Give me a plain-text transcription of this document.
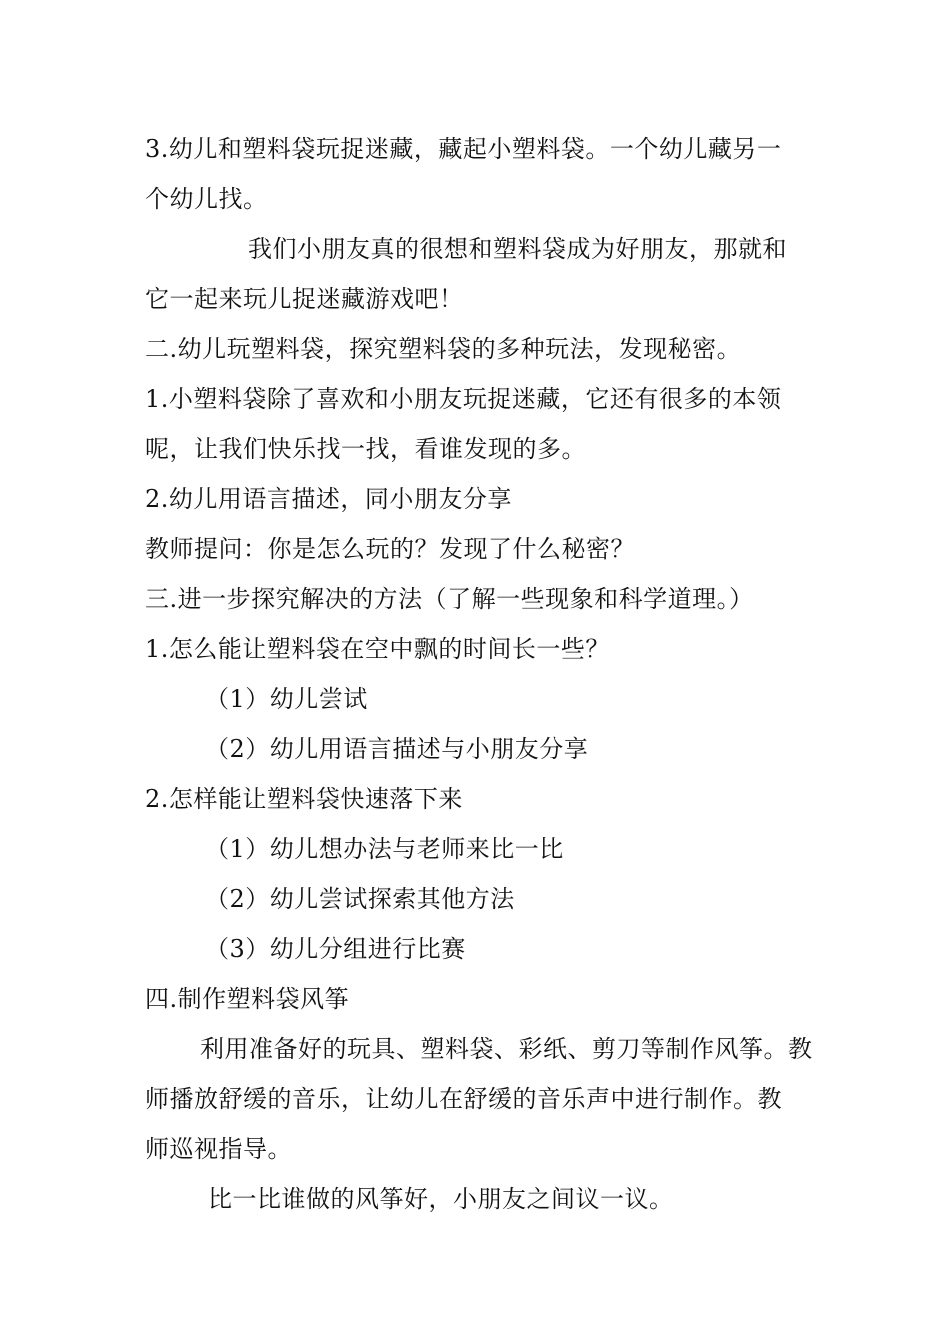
3.幼儿和塑料袋玩捉迷藏，藏起小塑料袋。一个幼儿藏另一
个幼儿找。
我们小朋友真的很想和塑料袋成为好朋友，那就和
它一起来玩儿捉迷藏游戏吧！
二.幼儿玩塑料袋，探究塑料袋的多种玩法，发现秘密。
1.小塑料袋除了喜欢和小朋友玩捉迷藏，它还有很多的本领
呢，让我们快乐找一找，看谁发现的多。
2.幼儿用语言描述，同小朋友分享
教师提问：你是怎么玩的？发现了什么秘密？
三.进一步探究解决的方法（了解一些现象和科学道理。）
1.怎么能让塑料袋在空中飘的时间长一些？
（1）幼儿尝试
（2）幼儿用语言描述与小朋友分享
2.怎样能让塑料袋快速落下来
（1）幼儿想办法与老师来比一比
（2）幼儿尝试探索其他方法
（3）幼儿分组进行比赛
四.制作塑料袋风筝
利用准备好的玩具、塑料袋、彩纸、剪刀等制作风筝。教
师播放舒缓的音乐，让幼儿在舒缓的音乐声中进行制作。教
师巡视指导。
比一比谁做的风筝好，小朋友之间议一议。
